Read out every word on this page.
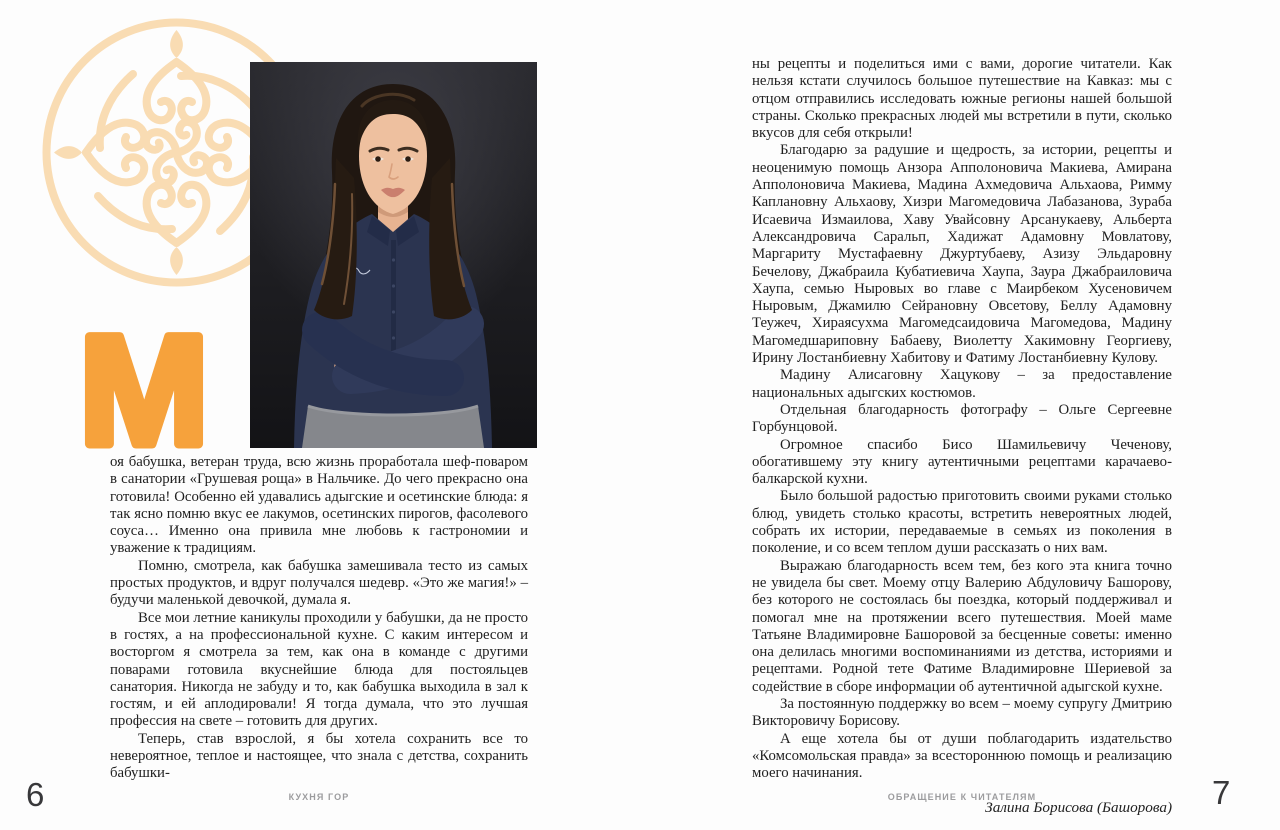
М

оя бабушка, ветеран труда, всю жизнь проработала шеф-поваром в санатории «Грушевая роща» в Нальчике. До чего прекрасно она готовила! Особенно ей удавались адыгские и осетинские блюда: я так ясно помню вкус ее лакумов, осетинских пирогов, фасолевого соуса… Именно она привила мне любовь к гастрономии и уважение к традициям.

Помню, смотрела, как бабушка замешивала тесто из самых простых продуктов, и вдруг получался шедевр. «Это же магия!» – будучи маленькой девочкой, думала я.

Все мои летние каникулы проходили у бабушки, да не просто в гостях, а на профессиональной кухне. С каким интересом и восторгом я смотрела за тем, как она в команде с другими поварами готовила вкуснейшие блюда для постояльцев санатория. Никогда не забуду и то, как бабушка выходила в зал к гостям, и ей аплодировали! Я тогда думала, что это лучшая профессия на свете – готовить для других.

Теперь, став взрослой, я бы хотела сохранить все то невероятное, теплое и настоящее, что знала с детства, сохранить бабушки-

6	КУХНЯ ГОР

ны рецепты и поделиться ими с вами, дорогие читатели. Как нельзя кстати случилось большое путешествие на Кавказ: мы с отцом отправились исследовать южные регионы нашей большой страны. Сколько прекрасных людей мы встретили в пути, сколько вкусов для себя открыли!

Благодарю за радушие и щедрость, за истории, рецепты и неоценимую помощь Анзора Апполоновича Макиева, Амирана Апполоновича Макиева, Мадина Ахмедовича Альхаова, Римму Каплановну Альхаову, Хизри Магомедовича Лабазанова, Зураба Исаевича Измаилова, Хаву Увайсовну Арсанукаеву, Альберта Александровича Саральп, Хадижат Адамовну Мовлатову, Маргариту Мустафаевну Джуртубаеву, Азизу Эльдаровну Бечелову, Джабраила Кубатиевича Хаупа, Заура Джабраиловича Хаупа, семью Ныровых во главе с Маирбеком Хусеновичем Ныровым, Джамилю Сейрановну Овсетову, Беллу Адамовну Теужеч, Хираясухма Магомедсаидовича Магомедова, Мадину Магомедшариповну Бабаеву, Виолетту Хакимовну Георгиеву, Ирину Лостанбиевну Хабитову и Фатиму Лостанбиевну Кулову.

Мадину Алисаговну Хацукову – за предоставление национальных адыгских костюмов.

Отдельная благодарность фотографу – Ольге Сергеевне Горбунцовой.

Огромное спасибо Бисо Шамильевичу Чеченову, обогатившему эту книгу аутентичными рецептами карачаево-балкарской кухни.

Было большой радостью приготовить своими руками столько блюд, увидеть столько красоты, встретить невероятных людей, собрать их истории, передаваемые в семьях из поколения в поколение, и со всем теплом души рассказать о них вам.

Выражаю благодарность всем тем, без кого эта книга точно не увидела бы свет. Моему отцу Валерию Абдуловичу Башорову, без которого не состоялась бы поездка, который поддерживал и помогал мне на протяжении всего путешествия. Моей маме Татьяне Владимировне Башоровой за бесценные советы: именно она делилась многими воспоминаниями из детства, историями и рецептами. Родной тете Фатиме Владимировне Шериевой за содействие в сборе информации об аутентичной адыгской кухне.

За постоянную поддержку во всем – моему супругу Дмитрию Викторовичу Борисову.

А еще хотела бы от души поблагодарить издательство «Комсомольская правда» за всестороннюю помощь и реализацию моего начинания.

Залина Борисова (Башорова)

ОБРАЩЕНИЕ К ЧИТАТЕЛЯМ	7
